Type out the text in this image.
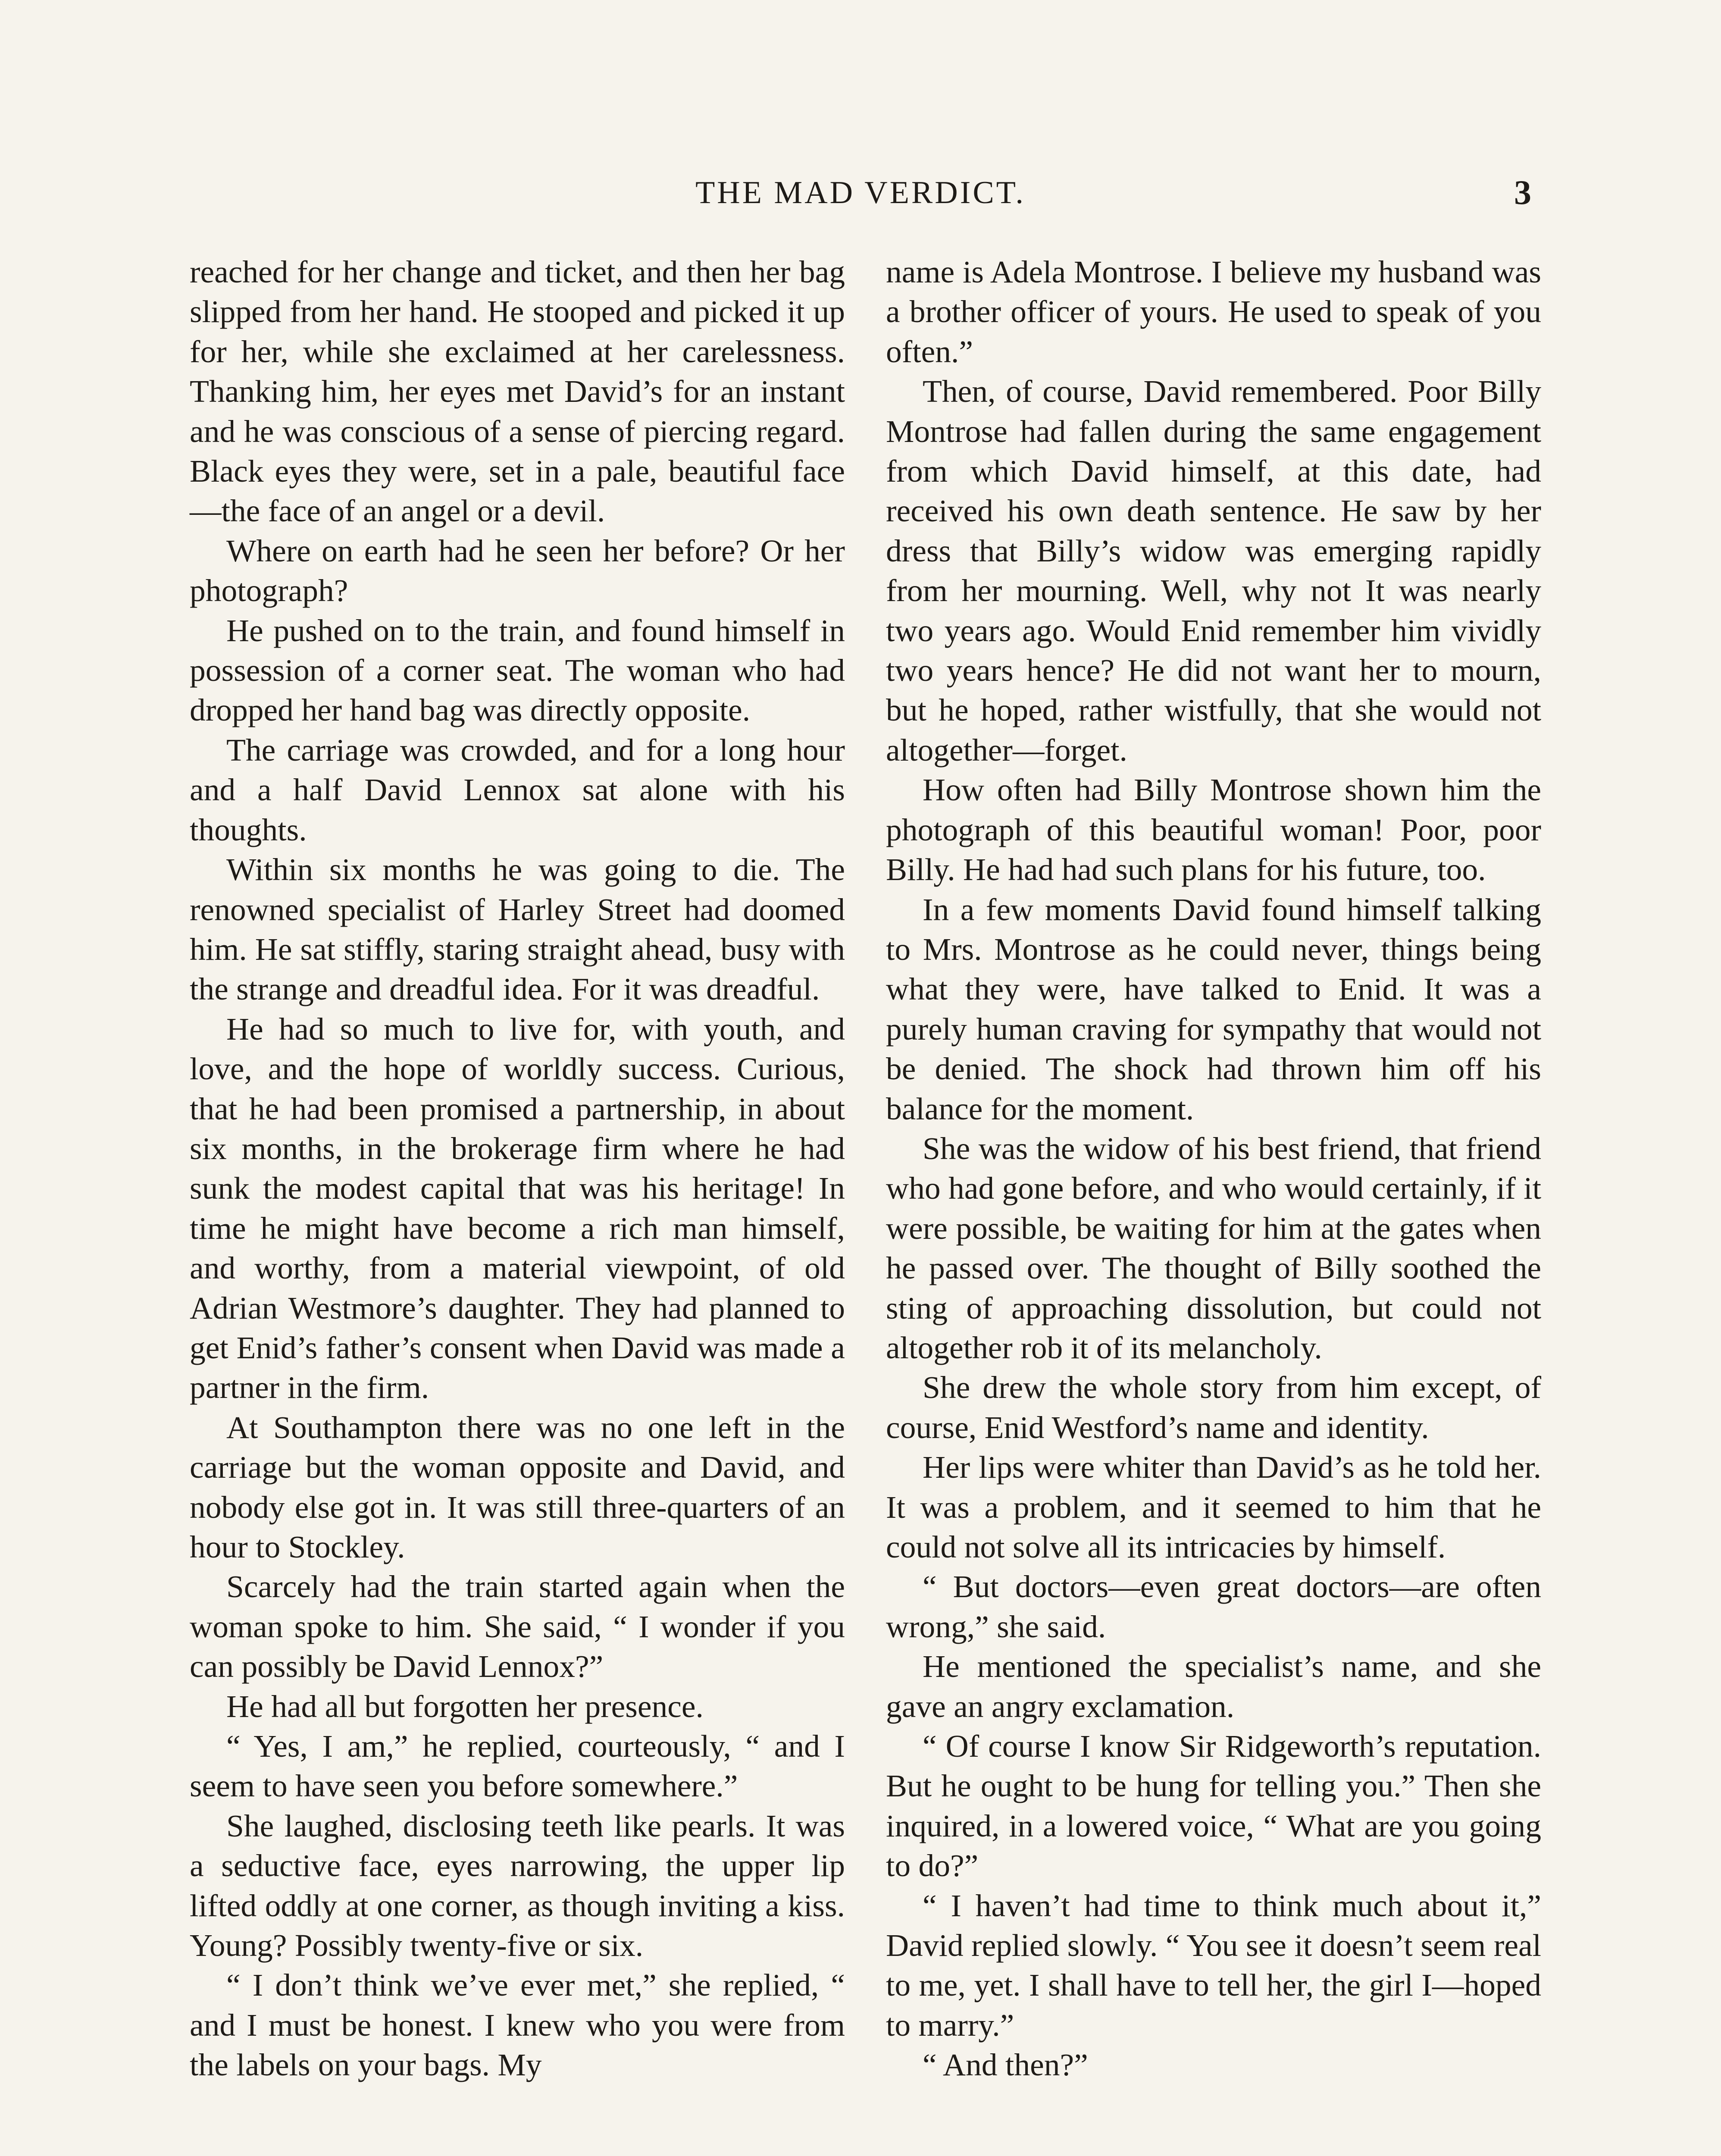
THE MAD VERDICT.	3

reached for her change and ticket, and then her bag slipped from her hand. He stooped and picked it up for her, while she exclaimed at her carelessness. Thanking him, her eyes met David’s for an instant and he was conscious of a sense of piercing regard. Black eyes they were, set in a pale, beautiful face—the face of an angel or a devil.

Where on earth had he seen her before? Or her photograph?

He pushed on to the train, and found himself in possession of a corner seat. The woman who had dropped her hand bag was directly opposite.

The carriage was crowded, and for a long hour and a half David Lennox sat alone with his thoughts.

Within six months he was going to die. The renowned specialist of Harley Street had doomed him. He sat stiffly, staring straight ahead, busy with the strange and dreadful idea. For it was dreadful.

He had so much to live for, with youth, and love, and the hope of worldly success. Curious, that he had been promised a partnership, in about six months, in the brokerage firm where he had sunk the modest capital that was his heritage! In time he might have become a rich man himself, and worthy, from a material viewpoint, of old Adrian Westmore’s daughter. They had planned to get Enid’s father’s consent when David was made a partner in the firm.

At Southampton there was no one left in the carriage but the woman opposite and David, and nobody else got in. It was still three-quarters of an hour to Stockley.

Scarcely had the train started again when the woman spoke to him. She said, “ I wonder if you can possibly be David Lennox?”

He had all but forgotten her presence.

“ Yes, I am,” he replied, courteously, “ and I seem to have seen you before somewhere.”

She laughed, disclosing teeth like pearls. It was a seductive face, eyes narrowing, the upper lip lifted oddly at one corner, as though inviting a kiss. Young? Possibly twenty-five or six.

“ I don’t think we’ve ever met,” she replied, “ and I must be honest. I knew who you were from the labels on your bags. My

name is Adela Montrose. I believe my husband was a brother officer of yours. He used to speak of you often.”

Then, of course, David remembered. Poor Billy Montrose had fallen during the same engagement from which David himself, at this date, had received his own death sentence. He saw by her dress that Billy’s widow was emerging rapidly from her mourning. Well, why not It was nearly two years ago. Would Enid remember him vividly two years hence? He did not want her to mourn, but he hoped, rather wistfully, that she would not altogether—forget.

How often had Billy Montrose shown him the photograph of this beautiful woman! Poor, poor Billy. He had had such plans for his future, too.

In a few moments David found himself talking to Mrs. Montrose as he could never, things being what they were, have talked to Enid. It was a purely human craving for sympathy that would not be denied. The shock had thrown him off his balance for the moment.

She was the widow of his best friend, that friend who had gone before, and who would certainly, if it were possible, be waiting for him at the gates when he passed over. The thought of Billy soothed the sting of approaching dissolution, but could not altogether rob it of its melancholy.

She drew the whole story from him except, of course, Enid Westford’s name and identity.

Her lips were whiter than David’s as he told her. It was a problem, and it seemed to him that he could not solve all its intricacies by himself.

“ But doctors—even great doctors—are often wrong,” she said.

He mentioned the specialist’s name, and she gave an angry exclamation.

“ Of course I know Sir Ridgeworth’s reputation. But he ought to be hung for telling you.” Then she inquired, in a lowered voice, “ What are you going to do?”

“ I haven’t had time to think much about it,” David replied slowly. “ You see it doesn’t seem real to me, yet. I shall have to tell her, the girl I—hoped to marry.”

“ And then?”
